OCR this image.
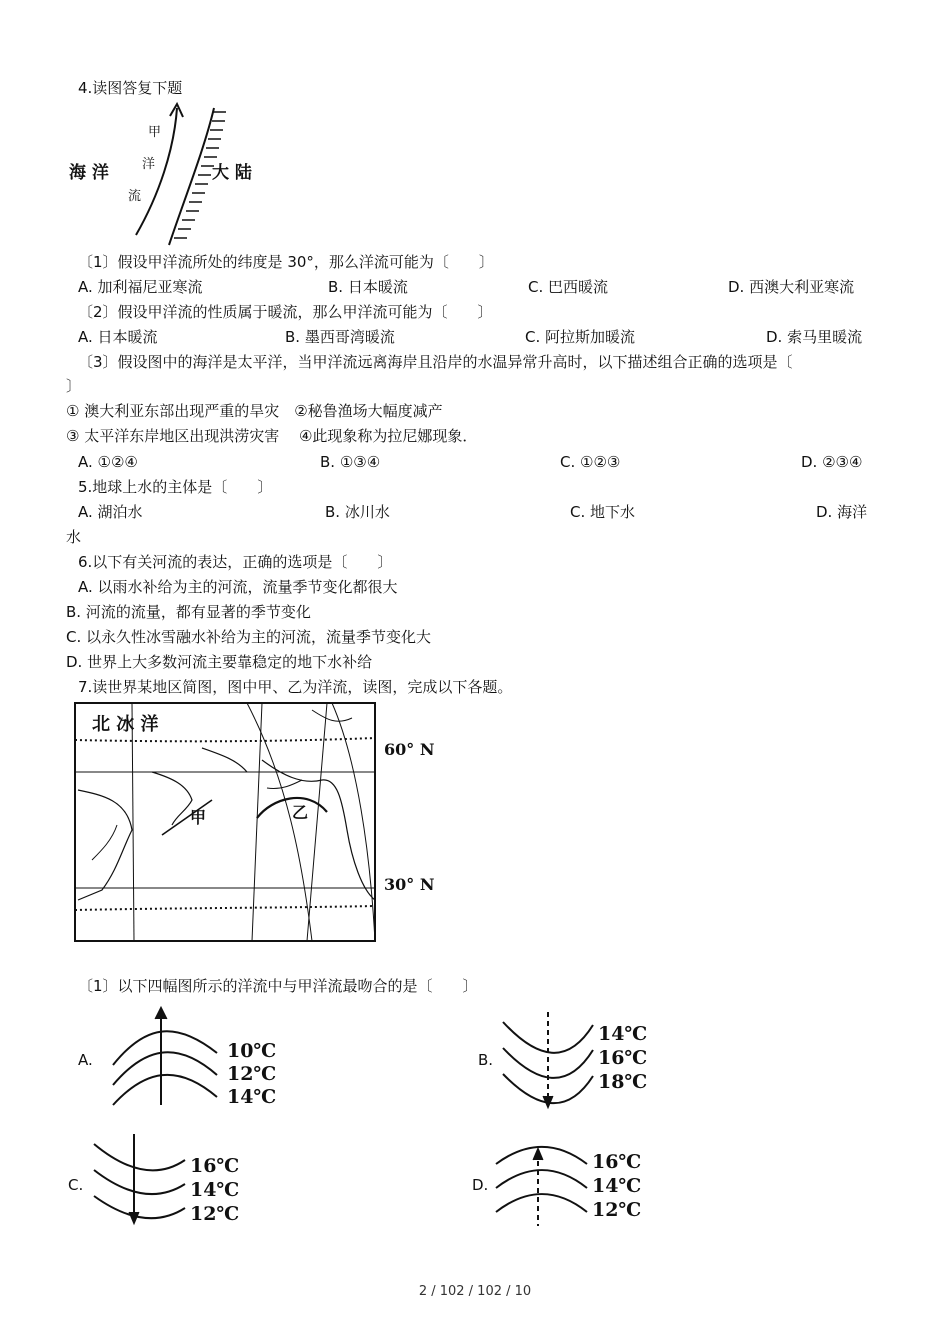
4.读图答复下题
海 洋	大 陆
甲
洋
流
〔1〕假设甲洋流所处的纬度是 30°，那么洋流可能为〔　　〕
A. 加利福尼亚寒流	B. 日本暖流	C. 巴西暖流	D. 西澳大利亚寒流
〔2〕假设甲洋流的性质属于暖流，那么甲洋流可能为〔　　〕
A. 日本暖流	B. 墨西哥湾暖流	C. 阿拉斯加暖流	D. 索马里暖流
〔3〕假设图中的海洋是太平洋，当甲洋流远离海岸且沿岸的水温异常升高时，以下描述组合正确的选项是〔
〕
① 澳大利亚东部出现严重的旱灾　②秘鲁渔场大幅度减产
③ 太平洋东岸地区出现洪涝灾害　 ④此现象称为拉尼娜现象．
A. ①②④	B. ①③④	C. ①②③	D. ②③④
5.地球上水的主体是〔　　〕
A. 湖泊水	B. 冰川水	C. 地下水	D. 海洋
水
6.以下有关河流的表达，正确的选项是〔　　〕
A. 以雨水补给为主的河流，流量季节变化都很大
B. 河流的流量，都有显著的季节变化
C. 以永久性冰雪融水补给为主的河流，流量季节变化大
D. 世界上大多数河流主要靠稳定的地下水补给
7.读世界某地区简图，图中甲、乙为洋流，读图，完成以下各题。
北 冰 洋
甲	乙
60° N
30° N
〔1〕以下四幅图所示的洋流中与甲洋流最吻合的是〔　　〕
A.	10℃
12℃
14℃
B.
14℃
16℃
18℃
C.
16℃
14℃
12℃
D.
16℃
14℃
12℃
2 / 102 / 102 / 10
